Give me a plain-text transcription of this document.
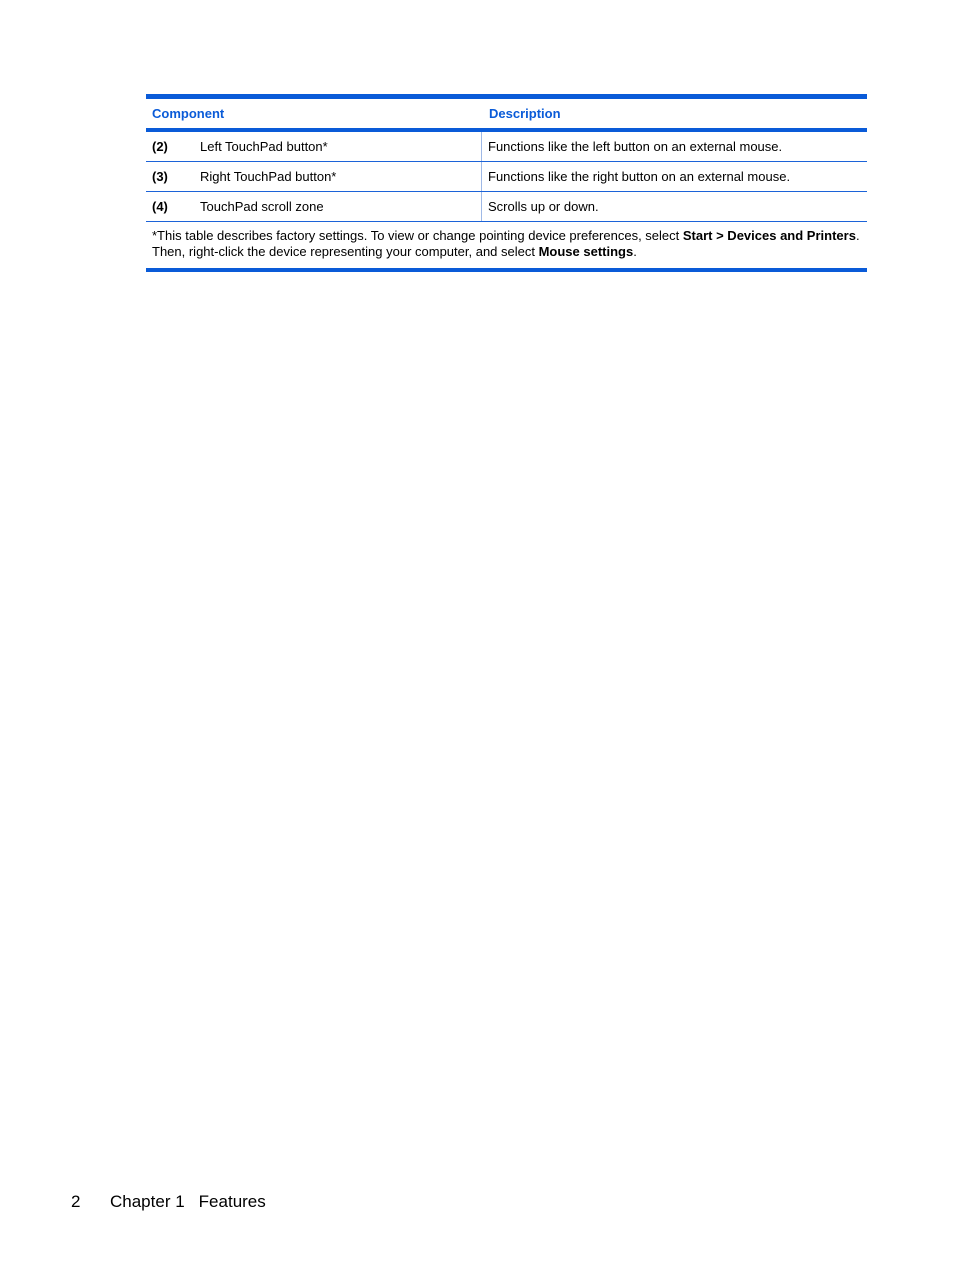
Component	Description
(2)	Left TouchPad button*	Functions like the left button on an external mouse.
(3)	Right TouchPad button*	Functions like the right button on an external mouse.
(4)	TouchPad scroll zone	Scrolls up or down.
*This table describes factory settings. To view or change pointing device preferences, select Start > Devices and Printers. Then, right-click the device representing your computer, and select Mouse settings.
2	Chapter 1 Features
